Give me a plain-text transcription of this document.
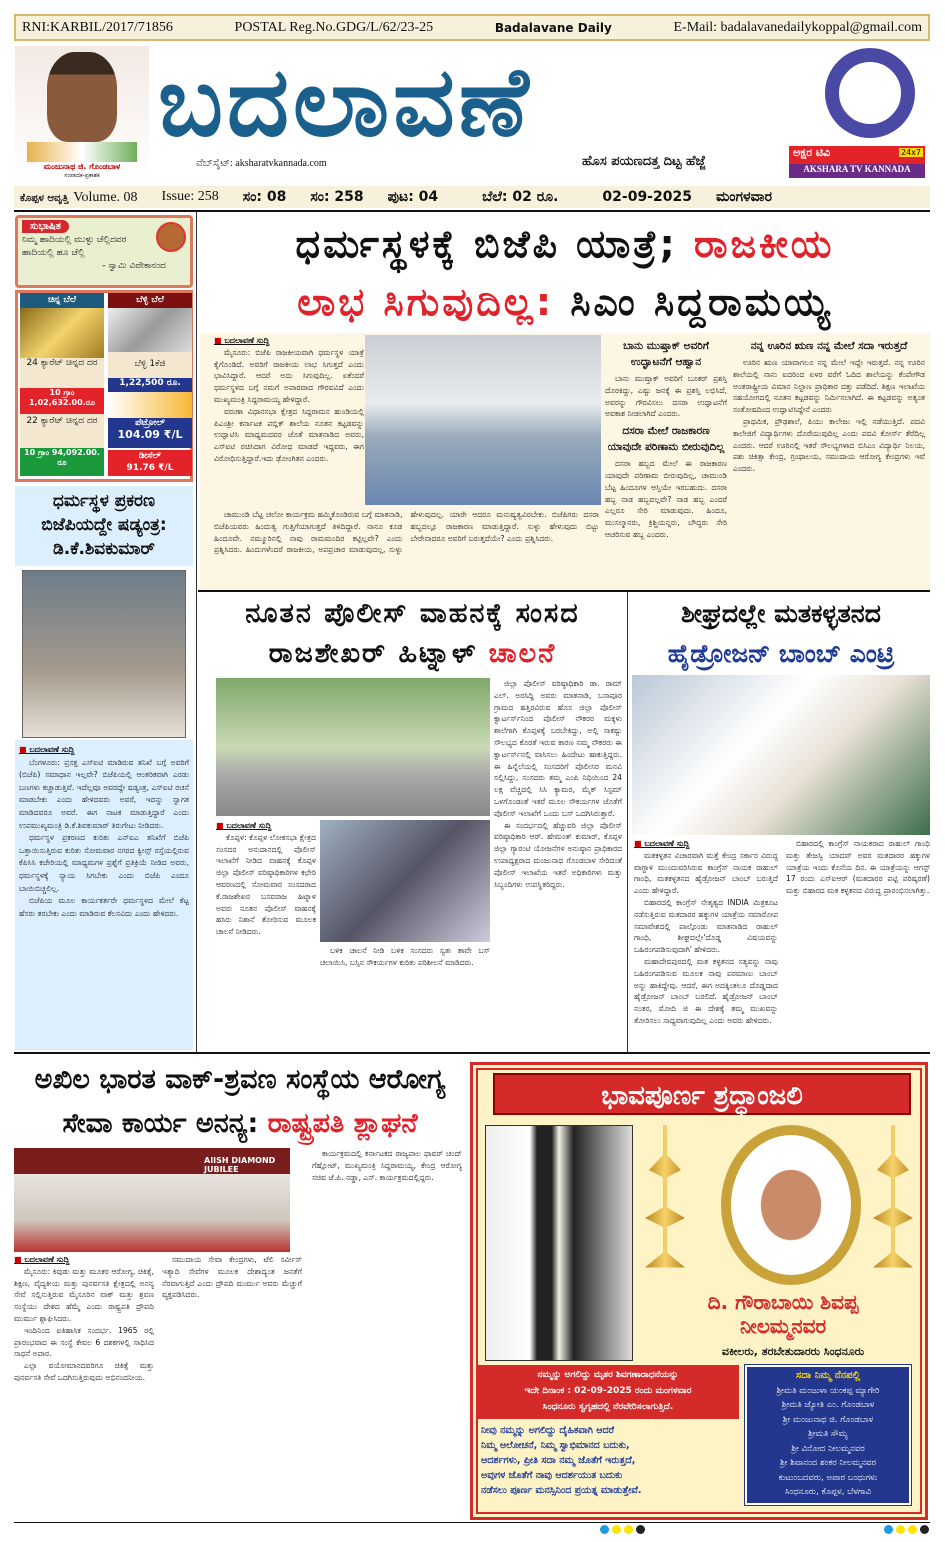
RNI:KARBIL/2017/71856	POSTAL Reg.No.GDG/L/62/23-25	Badalavane Daily	E-Mail: badalavanedailykoppal@gmail.com
ಮಂಜುನಾಥ ಜಿ. ಗೊಂಡಬಾಳ
ಸಂಪಾದಕ-ಪ್ರಕಾಶಕ
ಬದಲಾವಣೆ
ವೆಬ್‌ಸೈಟ್: aksharatvkannada.com	ಹೊಸ ಪಯಣದತ್ತ ದಿಟ್ಟ ಹೆಜ್ಜೆ
ಅಕ್ಷರ ಟಿವಿ	24x7
AKSHARA TV KANNADA
ಕೊಪ್ಪಳ ಆವೃತ್ತಿ Volume. 08 Issue: 258 ಸಂ: 08 ಸಂ: 258 ಪುಟ: 04	ಬೆಲೆ: 02 ರೂ.	02-09-2025 ಮಂಗಳವಾರ
ಸುಭಾಷಿತ
ನಿಮ್ಮ ಹಾದಿಯಲ್ಲಿ ಮುಳ್ಳು ಚೆಲ್ಲಿದವರ ಹಾದಿಯಲ್ಲಿ ಹೂ ಚೆಲ್ಲಿ
- ಸ್ವಾಮಿ ವಿವೇಕಾನಂದ
ಚಿನ್ನ ಬೆಲೆ
24 ಕ್ಯಾರೆಟ್ ಚಿನ್ನದ ದರ
10 ಗ್ರಾಂ 1,02,632.00.ರೂ
22 ಕ್ಯಾರೆಟ್ ಚಿನ್ನದ ದರ
10 ಗ್ರಾಂ 94,092.00. ರೂ
ಬೆಳ್ಳಿ ಬೆಲೆ
ಬೆಳ್ಳಿ 1ಕೆಜಿ
1,22,500 ರೂ.
ಪೆಟ್ರೋಲ್
104.09 ₹/L
ಡೀಸೆಲ್
91.76 ₹/L
ಧರ್ಮಸ್ಥಳ ಪ್ರಕರಣ ಬಿಜೆಪಿಯದ್ದೇ ಷಡ್ಯಂತ್ರ: ಡಿ.ಕೆ.ಶಿವಕುಮಾರ್
■ ಬದಲಾವಣೆ ಸುದ್ದಿ

ಬೆಂಗಳೂರು: ಪ್ರಸಕ್ತ ಎಸ್‌ಐಟಿ ಮಾಡಿರುವ ತನಿಖೆ ಬಗ್ಗೆ ಅವರಿಗೆ (ಬಿಜೆಪಿ) ಸಮಾಧಾನ ಇಲ್ಲವೇ? ಬಿಜೆಪಿಯಲ್ಲಿ ಆಂತರಿಕವಾಗಿ ಎರಡು ಬಣಗಳು ಕಚ್ಚಾಡುತ್ತಿವೆ. ಇದೆಲ್ಲವೂ ಅವರದ್ದೇ ಷಡ್ಯಂತ್ರ, ಎಸ್‌ಐಟಿ ರಚನೆ ಮಾಡಬೇಕು ಎಂದು ಹೇಳಿದವರು ಅವರೆ, ಇದನ್ನು ಸ್ವಾಗತ ಮಾಡಿದವರೂ ಅವರೆ. ಈಗ ನಾಟಕ ಮಾಡುತ್ತಿದ್ದಾರೆ ಎಂದು ಉಪಮುಖ್ಯಮಂತ್ರಿ ಡಿ.ಕೆ.ಶಿವಕುಮಾರ್ ತಿರುಗೇಟು ನೀಡಿದರು.

ಧರ್ಮಸ್ಥಳ ಪ್ರಕರಣದ ಕುರಿತು ಎನ್‌ಐಎ ತನಿಖೆಗೆ ಬಿಜೆಪಿ ಒತ್ತಾಯಿಸುತ್ತಿರುವ ಕುರಿತು ಸೋಮವಾರ ನಗರದ ಕ್ವೀನ್ಸ್ ರಸ್ತೆಯಲ್ಲಿರುವ ಕೆಪಿಸಿಸಿ ಕಚೇರಿಯಲ್ಲಿ ಮಾಧ್ಯಮಗಳ ಪ್ರಶ್ನೆಗೆ ಪ್ರತಿಕ್ರಿಯೆ ನೀಡಿದ ಅವರು, ಧರ್ಮಸ್ಥಳಕ್ಕೆ ನ್ಯಾಯ ಸಿಗಬೇಕು ಎಂದು ಬಿಜೆಪಿ ಎಂದೂ ಬಾಯಿಬಿಚ್ಚಲಿಲ್ಲ.

ಬಿಜೆಪಿಯ ಮೂಲ ಕಾರ್ಯಕರ್ತರೇ ಧರ್ಮಸ್ಥಳದ ಮೇಲೆ ಕೆಟ್ಟ ಹೆಸರು ತರಬೇಕು ಎಂದು ಮಾಡಿರುವ ಕೆಲಸವಿದು ಎಂದು ಹೇಳಿದರು.

ಧರ್ಮಸ್ಥಳಕ್ಕೆ ಬಿಜೆಪಿ ಯಾತ್ರೆ; ರಾಜಕೀಯ
ಲಾಭ ಸಿಗುವುದಿಲ್ಲ: ಸಿಎಂ ಸಿದ್ದರಾಮಯ್ಯ
■ ಬದಲಾವಣೆ ಸುದ್ದಿ

ಮೈಸೂರು: ಬಿಜೆಪಿ ರಾಜಕೀಯವಾಗಿ ಧರ್ಮಸ್ಥಳ ಯಾತ್ರೆ ಕೈಗೊಂಡಿದೆ. ಅವರಿಗೆ ರಾಜಕೀಯ ಲಾಭ ಸಿಗುತ್ತದೆ ಎಂದು ಭಾವಿಸಿದ್ದಾರೆ. ಆದರೆ ಅದು ಸಿಗುವುದಿಲ್ಲ. ಏಕೆಂದರೆ ಧರ್ಮಸ್ಥಳದ ಬಗ್ಗೆ ನಮಗೆ ಅಪಾರವಾದ ಗೌರವವಿದೆ ಎಂದು ಮುಖ್ಯಮಂತ್ರಿ ಸಿದ್ದರಾಮಯ್ಯ ಹೇಳಿದ್ದಾರೆ.

ವರುಣಾ ವಿಧಾನಸಭಾ ಕ್ಷೇತ್ರದ ಸಿದ್ದರಾಮನ ಹುಂಡಿಯಲ್ಲಿ ಪಿಎಂಶ್ರೀ ಕರ್ನಾಟಕ ಪಬ್ಲಿಕ್ ಶಾಲೆಯ ನೂತನ ಕಟ್ಟಡವನ್ನು ಉದ್ಘಾಟಿಸಿ ಮಾಧ್ಯಮದವರ ಜೊತೆ ಮಾತನಾಡಿದ ಅವರು, ಎಸ್‌ಐಟಿ ರಚಿಸಿದಾಗ ವಿರೋಧ ಮಾಡದೆ ಇದ್ದವರು, ಈಗ ವಿರೋಧಿಸುತ್ತಿದ್ದಾರೆ.ಇದು ಢೋಂಗಿತನ ಎಂದರು.

ಚಾಮುಂಡಿ ಬೆಟ್ಟ ಚಲೋ ಕಾರ್ಯಕ್ರಮ ಹಮ್ಮಿಕೊಂಡಿರುವ ಬಗ್ಗೆ ಮಾತನಾಡಿ, ಬಿಜೆಪಿಯವರು ಹಿಂದುತ್ವ ಗುತ್ತಿಗೆಯಾಗುತ್ತದೆ ತಿಳಿದಿದ್ದಾರೆ. ನಾನೂ ಕೂಡ ಹಿಂದೂವೇ. ನಮ್ಮೂರಿನಲ್ಲಿ ನಾವು ರಾಮಮಂದಿರ ಕಟ್ಟಿಲ್ಲವೇ? ಎಂದು ಪ್ರಶ್ನಿಸಿದರು. ಹಿಂದುಗಳೆಂದರೆ ರಾಜಕೀಯ, ಅಪಪ್ರಚಾರ ಮಾಡುವುದಲ್ಲ, ಸುಳ್ಳು ಹೇಳುವುದಲ್ಲ. ಯಾರೇ ಆದರೂ ಮನುಷ್ಯತ್ವವಿರಬೇಕು. ಬಿಜೆಪಿಗರು ದಸರಾ ಹಬ್ಬದಲ್ಲೂ ರಾಜಕಾರಣ ಮಾಡುತ್ತಿದ್ದಾರೆ. ಸುಳ್ಳು ಹೇಳುವುದು ಬಿಟ್ಟು ಬೇರೇನಾದರೂ ಅವರಿಗೆ ಬರುತ್ತದೆಯೇ? ಎಂದು ಪ್ರಶ್ನಿಸಿದರು.

ಬಾನು ಮುಷ್ತಾಕ್ ಅವರಿಗೆ ಉದ್ಘಾಟನೆಗೆ ಆಹ್ವಾನ

ಬಾನು ಮುಷ್ತಾಕ್ ಅವರಿಗೆ ಬೂಕರ್ ಪ್ರಶಸ್ತಿ ದೊರಕಿದ್ದು, ಎಷ್ಟು ಜನಕ್ಕೆ ಈ ಪ್ರಶಸ್ತಿ ಲಭಿಸಿದೆ, ಅವರನ್ನು ಗೌರವಿಸಲು ದಸರಾ ಉದ್ಘಾಟನೆಗೆ ಅವಕಾಶ ನೀಡಲಾಗಿದೆ ಎಂದರು.

ದಸರಾ ಮೇಲೆ ರಾಜಕಾರಣ ಯಾವುದೇ ಪರಿಣಾಮ ಬೀರುವುದಿಲ್ಲ

ದಸರಾ ಹಬ್ಬದ ಮೇಲೆ ಈ ರಾಜಕಾರಣ ಯಾವುದೇ ಪರಿಣಾಮ ಬೀರುವುದಿಲ್ಲ, ಚಾಮುಂಡಿ ಬೆಟ್ಟ ಹಿಂದೂಗಳ ಆಸ್ತಿಯೇ ಇರಬಹುದು. ದಸರಾ ಹಬ್ಬ ನಾಡ ಹಬ್ಬವಲ್ಲವೇ? ನಾಡ ಹಬ್ಬ ಎಂದರೆ ಎಲ್ಲರೂ ಸೇರಿ ಮಾಡುವುದು. ಹಿಂದೂ, ಮುಸಲ್ಮಾನರು, ಕ್ರಿಶ್ಚಿಯನ್ನರು, ಬೌದ್ಧರು ಸೇರಿ ಆಚರಿಸುವ ಹಬ್ಬ ಎಂದರು.

ನನ್ನ ಊರಿನ ಋಣ ನನ್ನ ಮೇಲೆ ಸದಾ ಇರುತ್ತದೆ

ಊರಿನ ಋಣ ಯಾವಾಗಲೂ ನನ್ನ ಮೇಲೆ ಇದ್ದೇ ಇರುತ್ತದೆ. ನನ್ನ ಊರಿನ ಶಾಲೆಯಲ್ಲಿ ನಾನು ಐದರಿಂದ ಏಳರ ವರೆಗೆ ಓದಿದ ಶಾಲೆಯನ್ನು ಕೆಂಪೇಗೌಡ ಅಂತರಾಷ್ಟ್ರೀಯ ವಿಮಾನ ನಿಲ್ದಾಣ ಪ್ರಾಧಿಕಾರ ದತ್ತು ಪಡೆದಿದೆ. ಶಿಕ್ಷಣ ಇಲಾಖೆಯ ಸಹಯೋಗದಲ್ಲಿ ನೂತನ ಕಟ್ಟಡವನ್ನು ನಿರ್ಮಿಸಲಾಗಿದೆ. ಈ ಕಟ್ಟಡವನ್ನು ಅತ್ಯಂತ ಸಂತೋಷದಿಂದ ಉದ್ಘಾಟಿಸಿದ್ದೇನೆ ಎಂದರು

ಪ್ರಾಥಮಿಕ, ಪ್ರೌಢಶಾಲೆ, ಪಿಯು ಕಾಲೇಜು ಇಲ್ಲಿ ನಡೆಯುತ್ತಿದೆ. ಪದವಿ ಕಾಲೇಜಿಗೆ ವಿದ್ಯಾರ್ಥಿಗಳು ದೊರೆಯುವುದಿಲ್ಲ ಎಂದು ಪದವಿ ಕೋರ್ಸ್ ತೆರೆದಿಲ್ಲ ಎಂದರು. ಆದರೆ ಊರಿನಲ್ಲಿ ಇತರೆ ಸೌಲಭ್ಯಗಳಾದ ಬಿಸಿಎಂ ವಿದ್ಯಾರ್ಥಿ ನಿಲಯ, ಪಶು ಚಿಕಿತ್ಸಾ ಕೇಂದ್ರ, ಗ್ರಂಥಾಲಯ, ಸಮುದಾಯ ಆರೋಗ್ಯ ಕೇಂದ್ರಗಳು ಇವೆ ಎಂದರು.

ನೂತನ ಪೊಲೀಸ್ ವಾಹನಕ್ಕೆ ಸಂಸದ
ರಾಜಶೇಖರ್ ಹಿಟ್ನಾಳ್ ಚಾಲನೆ
■ ಬದಲಾವಣೆ ಸುದ್ದಿ

ಕೊಪ್ಪಳ: ಕೊಪ್ಪಳ ಲೋಕಸಭಾ ಕ್ಷೇತ್ರದ ಸಂಸದರ ಅನುದಾನದಲ್ಲಿ ಪೊಲೀಸ್ ಇಲಾಖೆಗೆ ನೀಡಿದ ವಾಹನಕ್ಕೆ ಕೊಪ್ಪಳ ಜಿಲ್ಲಾ ಪೊಲೀಸ್ ವರಿಷ್ಠಾಧಿಕಾರಿಗಳ ಕಛೇರಿ ಆವರಣದಲ್ಲಿ ಸೋಮವಾರ ಸಂಸದರಾದ ಕೆ.ರಾಜಶೇಖರ ಬಸವರಾಜ ಹಿಟ್ನಾಳ ಅವರು ನೂತನ ಪೊಲೀಸ್ ವಾಹನಕ್ಕೆ ಹಸಿರು ನಿಶಾನೆ ತೋರಿಸುವ ಮೂಲಕ ಚಾಲನೆ ನೀಡಿದರು.

ಬಳಿಕ ಚಾಲನೆ ನೀಡಿ ಬಳಿಕ ಸಂಸದರು ಸ್ವತಃ ತಾವೇ ಬಸ್ ಚಲಾಯಿಸಿ, ಬಸ್ಸಿನ ಸೌಕರ್ಯಗಳ ಕುರಿತು ಪರಿಶೀಲನೆ ಮಾಡಿದರು.

ಜಿಲ್ಲಾ ಪೊಲೀಸ್ ವರಿಷ್ಠಾಧಿಕಾರಿ ಡಾ. ರಾಮ್ ಎಲ್. ಅರಸಿದ್ದಿ ಅವರು ಮಾತನಾಡಿ, ಬಸಾಪೂರ ಗ್ರಾಮದ ಹತ್ತಿರವಿರುವ ಹೊಸ ಜಿಲ್ಲಾ ಪೊಲೀಸ್ ಕ್ವಾರ್ಟರ್ಸ್‌ನಿಂದ ಪೊಲೀಸ್ ನೌಕರರ ಮಕ್ಕಳು ಶಾಲೆಗಾಗಿ ಕೊಪ್ಪಳಕ್ಕೆ ಬರಬೇಕಿದ್ದು, ಅಲ್ಲಿ ಸಾಕಷ್ಟು ಸೌಲಭ್ಯದ ಕೊರತೆ ಇರುವ ಕಾರಣ ನಮ್ಮ ನೌಕರರು ಈ ಕ್ವಾರ್ಟರ್ಸ್‌ನಲ್ಲಿ ವಾಸಿಸಲು ಹಿಂದೇಟು ಹಾಕುತ್ತಿದ್ದರು. ಈ ಹಿನ್ನೆಲೆಯಲ್ಲಿ ಸಂಸದರಿಗೆ ಪೊಲೀಸರ ಮನವಿ ಸಲ್ಲಿಸಿದ್ದು, ಸಂಸದರು ತಮ್ಮ ಎಂಪಿ ನಿಧಿಯಿಂದ 24 ಲಕ್ಷ ವೆಚ್ಚದಲ್ಲಿ ಸಿಸಿ ಕ್ಯಾಮರ, ಮೈಕ್ ಸಿಸ್ಟಮ್ ಒಳಗೊಂಡಂತೆ ಇತರೆ ಮೂಲ ಸೌಕರ್ಯಗಳ ಜೊತೆಗೆ ಪೊಲೀಸ್ ಇಲಾಖೆಗೆ ಒಂದು ಬಸ್ ಒದಗಿಸಿರುತ್ತಾರೆ.

ಈ ಸಂದರ್ಭದಲ್ಲಿ ಹೆಚ್ಚುವರಿ ಜಿಲ್ಲಾ ಪೊಲೀಸ್ ವರಿಷ್ಠಾಧಿಕಾರಿ ಆರ್. ಹೇಮಂತ್ ಕುಮಾರ್, ಕೊಪ್ಪಳ ಜಿಲ್ಲಾ ಗ್ಯಾರಂಟಿ ಯೋಜನೆಗಳ ಅನುಷ್ಠಾನ ಪ್ರಾಧಿಕಾರದ ಉಪಾಧ್ಯಕ್ಷರಾದ ಮಂಜುನಾಥ ಗೊಂಡಬಾಳ ಸೇರಿದಂತೆ ಪೊಲೀಸ್ ಇಲಾಖೆಯ ಇತರೆ ಅಧಿಕಾರಿಗಳು ಮತ್ತು ಸಿಬ್ಬಂದಿಗಳು ಉಪಸ್ಥಿತರಿದ್ದರು.

ಶೀಘ್ರದಲ್ಲೇ ಮತಕಳ್ಳತನದ
ಹೈಡ್ರೋಜನ್ ಬಾಂಬ್ ಎಂಟ್ರಿ
■ ಬದಲಾವಣೆ ಸುದ್ದಿ

ಮತಕಳ್ಳತನ ವಿಚಾರವಾಗಿ ಮತ್ತೆ ಕೇಂದ್ರ ಸರ್ಕಾರ ವಿರುದ್ಧ ವಾಗ್ದಾಳಿ ಮುಂದುವರಿಸಿರುವ ಕಾಂಗ್ರೆಸ್ ನಾಯಕ ರಾಹುಲ್ ಗಾಂಧಿ, ಮತಕಳ್ಳತನದ ಹೈಡ್ರೋಜನ್ ಬಾಂಬ್ ಬರುತ್ತಿದೆ ಎಂದು ಹೇಳಿದ್ದಾರೆ.

ಬಿಹಾರದಲ್ಲಿ ಕಾಂಗ್ರೆಸ್ ನೇತೃತ್ವದ INDIA ಮಿತ್ರಕೂಟ ನಡೆಸುತ್ತಿರುವ ಮತದಾರರ ಹಕ್ಕುಗಳ ಯಾತ್ರೆಯ ಸಮಾರೋಪ ಸಮಾವೇಶದಲ್ಲಿ ಪಾಲ್ಗೊಂಡು ಮಾತನಾಡಿದ ರಾಹುಲ್ ಗಾಂಧಿ, ಶೀಘ್ರದಲ್ಲೇ'ದೊಡ್ಡ ವಿಷಯವನ್ನು ಬಹಿರಂಗಪಡಿಸುವುದಾಗಿ' ಹೇಳಿದರು.

ಮಹಾದೇವಪುರದಲ್ಲಿ ಮತ ಕಳ್ಳತನದ ಸತ್ಯವನ್ನು ನಾವು ಬಹಿರಂಗಪಡಿಸುವ ಮೂಲಕ ನಾವು ಪರಮಾಣು ಬಾಂಬ್ ಅನ್ನು ಹಾಕಿದ್ದೇವು. ಆದರೆ, ಈಗ ಅದಕ್ಕಿಂತಲೂ ದೊಡ್ಡದಾದ ಹೈಡ್ರೋಜನ್ ಬಾಂಬ್ ಬರಲಿದೆ. ಹೈಡ್ರೋಜನ್ ಬಾಂಬ್ ನಂತರ, ಮೋದಿ ಜಿ ಈ ದೇಶಕ್ಕೆ ತಮ್ಮ ಮುಖವನ್ನು ತೋರಿಸಲು ಸಾಧ್ಯವಾಗುವುದಿಲ್ಲ ಎಂದು ಅವರು ಹೇಳಿದರು.

ಬಿಹಾರದಲ್ಲಿ ಕಾಂಗ್ರೆಸ್ ನಾಯಕರಾದ ರಾಹುಲ್ ಗಾಂಧಿ ಮತ್ತು ತೇಜಸ್ವಿ ಯಾದವ್ ಅವರ ಮತದಾರರ ಹಕ್ಕುಗಳ ಯಾತ್ರೆಯ ಇಂದು ಕೊನೆಯ ದಿನ. ಈ ಯಾತ್ರೆಯನ್ನು ಆಗಸ್ಟ್ 17 ರಂದು ಎಸ್‌ಐಆರ್ (ಮತದಾರರ ಪಟ್ಟಿ ಪರಿಷ್ಕರಣೆ) ಮತ್ತು ಬಿಹಾರದ ಮತ ಕಳ್ಳತನದ ವಿರುದ್ಧ ಪ್ರಾರಂಭಿಸಲಾಗಿತ್ತು.

ಅಖಿಲ ಭಾರತ ವಾಕ್-ಶ್ರವಣ ಸಂಸ್ಥೆಯ ಆರೋಗ್ಯ
ಸೇವಾ ಕಾರ್ಯ ಅನನ್ಯ: ರಾಷ್ಟ್ರಪತಿ ಶ್ಲಾಘನೆ
AIISH DIAMOND JUBILEE
■ ಬದಲಾವಣೆ ಸುದ್ದಿ

ಮೈಸೂರು: ಕಿವುಡು ಮತ್ತು ಮೂಕರ ಆರೋಗ್ಯ, ಚಿಕಿತ್ಸೆ, ಶಿಕ್ಷಣ, ವೈದ್ಯಕೀಯ ಮತ್ತು ಪುನರ್ವಸತಿ ಕ್ಷೇತ್ರದಲ್ಲಿ ಅನನ್ಯ ಸೇವೆ ಸಲ್ಲಿಸುತ್ತಿರುವ ಮೈಸೂರಿನ ವಾಕ್ ಮತ್ತು ಶ್ರವಣ ಸಂಸ್ಥೆಯು ದೇಶದ ಹೆಮ್ಮೆ ಎಂದು ರಾಷ್ಟ್ರಪತಿ ದ್ರೌಪದಿ ಮುರ್ಮು ಶ್ಲಾಘಿಸಿದರು.

ಇಂದಿನಿಂದ ಐತಿಹಾಸಿಕ ಸಂದರ್ಭ. 1965 ರಲ್ಲಿ ಪ್ರಾರಂಭವಾದ ಈ ಸಂಸ್ಥೆ ಕೇವಲ 6 ದಶಕಗಳಲ್ಲಿ ಸಾಧಿಸಿದ ಸಾಧನೆ ಅಪಾರ.

ಎಲ್ಲಾ ವಯೋಮಾನದವರಿಗೂ ಚಿಕಿತ್ಸೆ ಮತ್ತು ಪುನರ್ವಸತಿ ಸೇವೆ ಒದಗಿಸುತ್ತಿರುವುದು ಅಭಿನಂದನೀಯ.

ಸಮುದಾಯ ಸೇವಾ ಕೇಂದ್ರಗಳು, ಟೆಲಿ ಸರ್ವೀಸ್ ಇತ್ಯಾದಿ ಸೇವೆಗಳ ಮೂಲಕ ದೇಶಾದ್ಯಂತ ಜನತೆಗೆ ನೆರವಾಗುತ್ತಿದೆ ಎಂದು ದ್ರೌಪದಿ ಮುರ್ಮು ಅವರು ಮೆಚ್ಚುಗೆ ವ್ಯಕ್ತಪಡಿಸಿದರು.

ಕಾರ್ಯಕ್ರಮದಲ್ಲಿ ಕರ್ನಾಟಕದ ರಾಜ್ಯಪಾಲ ಥಾವರ್ ಚಂದ್ ಗೆಹ್ಲೋಟ್, ಮುಖ್ಯಮಂತ್ರಿ ಸಿದ್ದರಾಮಯ್ಯ, ಕೇಂದ್ರ ಆರೋಗ್ಯ ಸಚಿವ ಜೆ.ಪಿ. ನಡ್ಡಾ, ಎಸ್. ಕಾರ್ಯಕ್ರಮದಲ್ಲಿದ್ದರು.

ಭಾವಪೂರ್ಣ ಶ್ರದ್ಧಾಂಜಲಿ
ದಿ. ಗೌರಾಬಾಯಿ ಶಿವಪ್ಪ
ನೀಲಮ್ಮನವರ
ವಕೀಲರು, ತರಬೇತುದಾರರು ಸಿಂಧನೂರು
ನಮ್ಮನ್ನು ಅಗಲಿದ್ದು ಮೃತರ ಶಿವಗಣಾರಾಧನೆಯನ್ನು
ಇದೇ ದಿನಾಂಕ : 02-09-2025 ರಂದು ಮಂಗಳವಾರ
ಸಿಂಧನೂರು ಸ್ವಗೃಹದಲ್ಲಿ ನೆರವೇರಿಸಲಾಗುತ್ತಿದೆ.
ನೀವು ನಮ್ಮನ್ನು ಅಗಲಿದ್ದು ದೈಹಿಕವಾಗಿ ಆದರೆ
ನಿಮ್ಮ ಆಲೋಚನೆ, ನಿಮ್ಮ ಸ್ವಾಭಿಮಾನದ ಬದುಕು,
ಆದರ್ಶಗಳು, ಪ್ರೀತಿ ಸದಾ ನಮ್ಮ ಜೊತೆಗೆ ಇರುತ್ತದೆ,
ಅವುಗಳ ಜೊತೆಗೆ ನಾವು ಆದರ್ಶಯುತ ಬದುಕು
ನಡೆಸಲು ಪೂರ್ಣ ಮನಸ್ಸಿನಿಂದ ಪ್ರಯತ್ನ ಮಾಡುತ್ತೇವೆ.
ಸದಾ ನಿಮ್ಮ ನೆನಪಲ್ಲಿ
ಶ್ರೀಮತಿ ಮಂಜುಳಾ ಯಂಕಪ್ಪ ಮ್ಯಾಗೇರಿ
ಶ್ರೀಮತಿ ಜ್ಯೋತಿ ಎಂ. ಗೊಂಡಬಾಳ
ಶ್ರೀ ಮಂಜುನಾಥ ಜಿ. ಗೊಂಡಬಾಳ
ಶ್ರೀಮತಿ ಸೌಮ್ಯ
ಶ್ರೀ ವಿನೋದ ನೀಲಮ್ಮನವರ
ಶ್ರೀ ಶಿವಾನಂದ ಶಂಕರ ನೀಲಮ್ಮನವರ
ಕುಟುಂಬದವರು, ಅಪಾರ ಬಂಧುಗಳು
ಸಿಂಧನೂರು, ಕೊಪ್ಪಳ, ಬೆಳಗಾವಿ
